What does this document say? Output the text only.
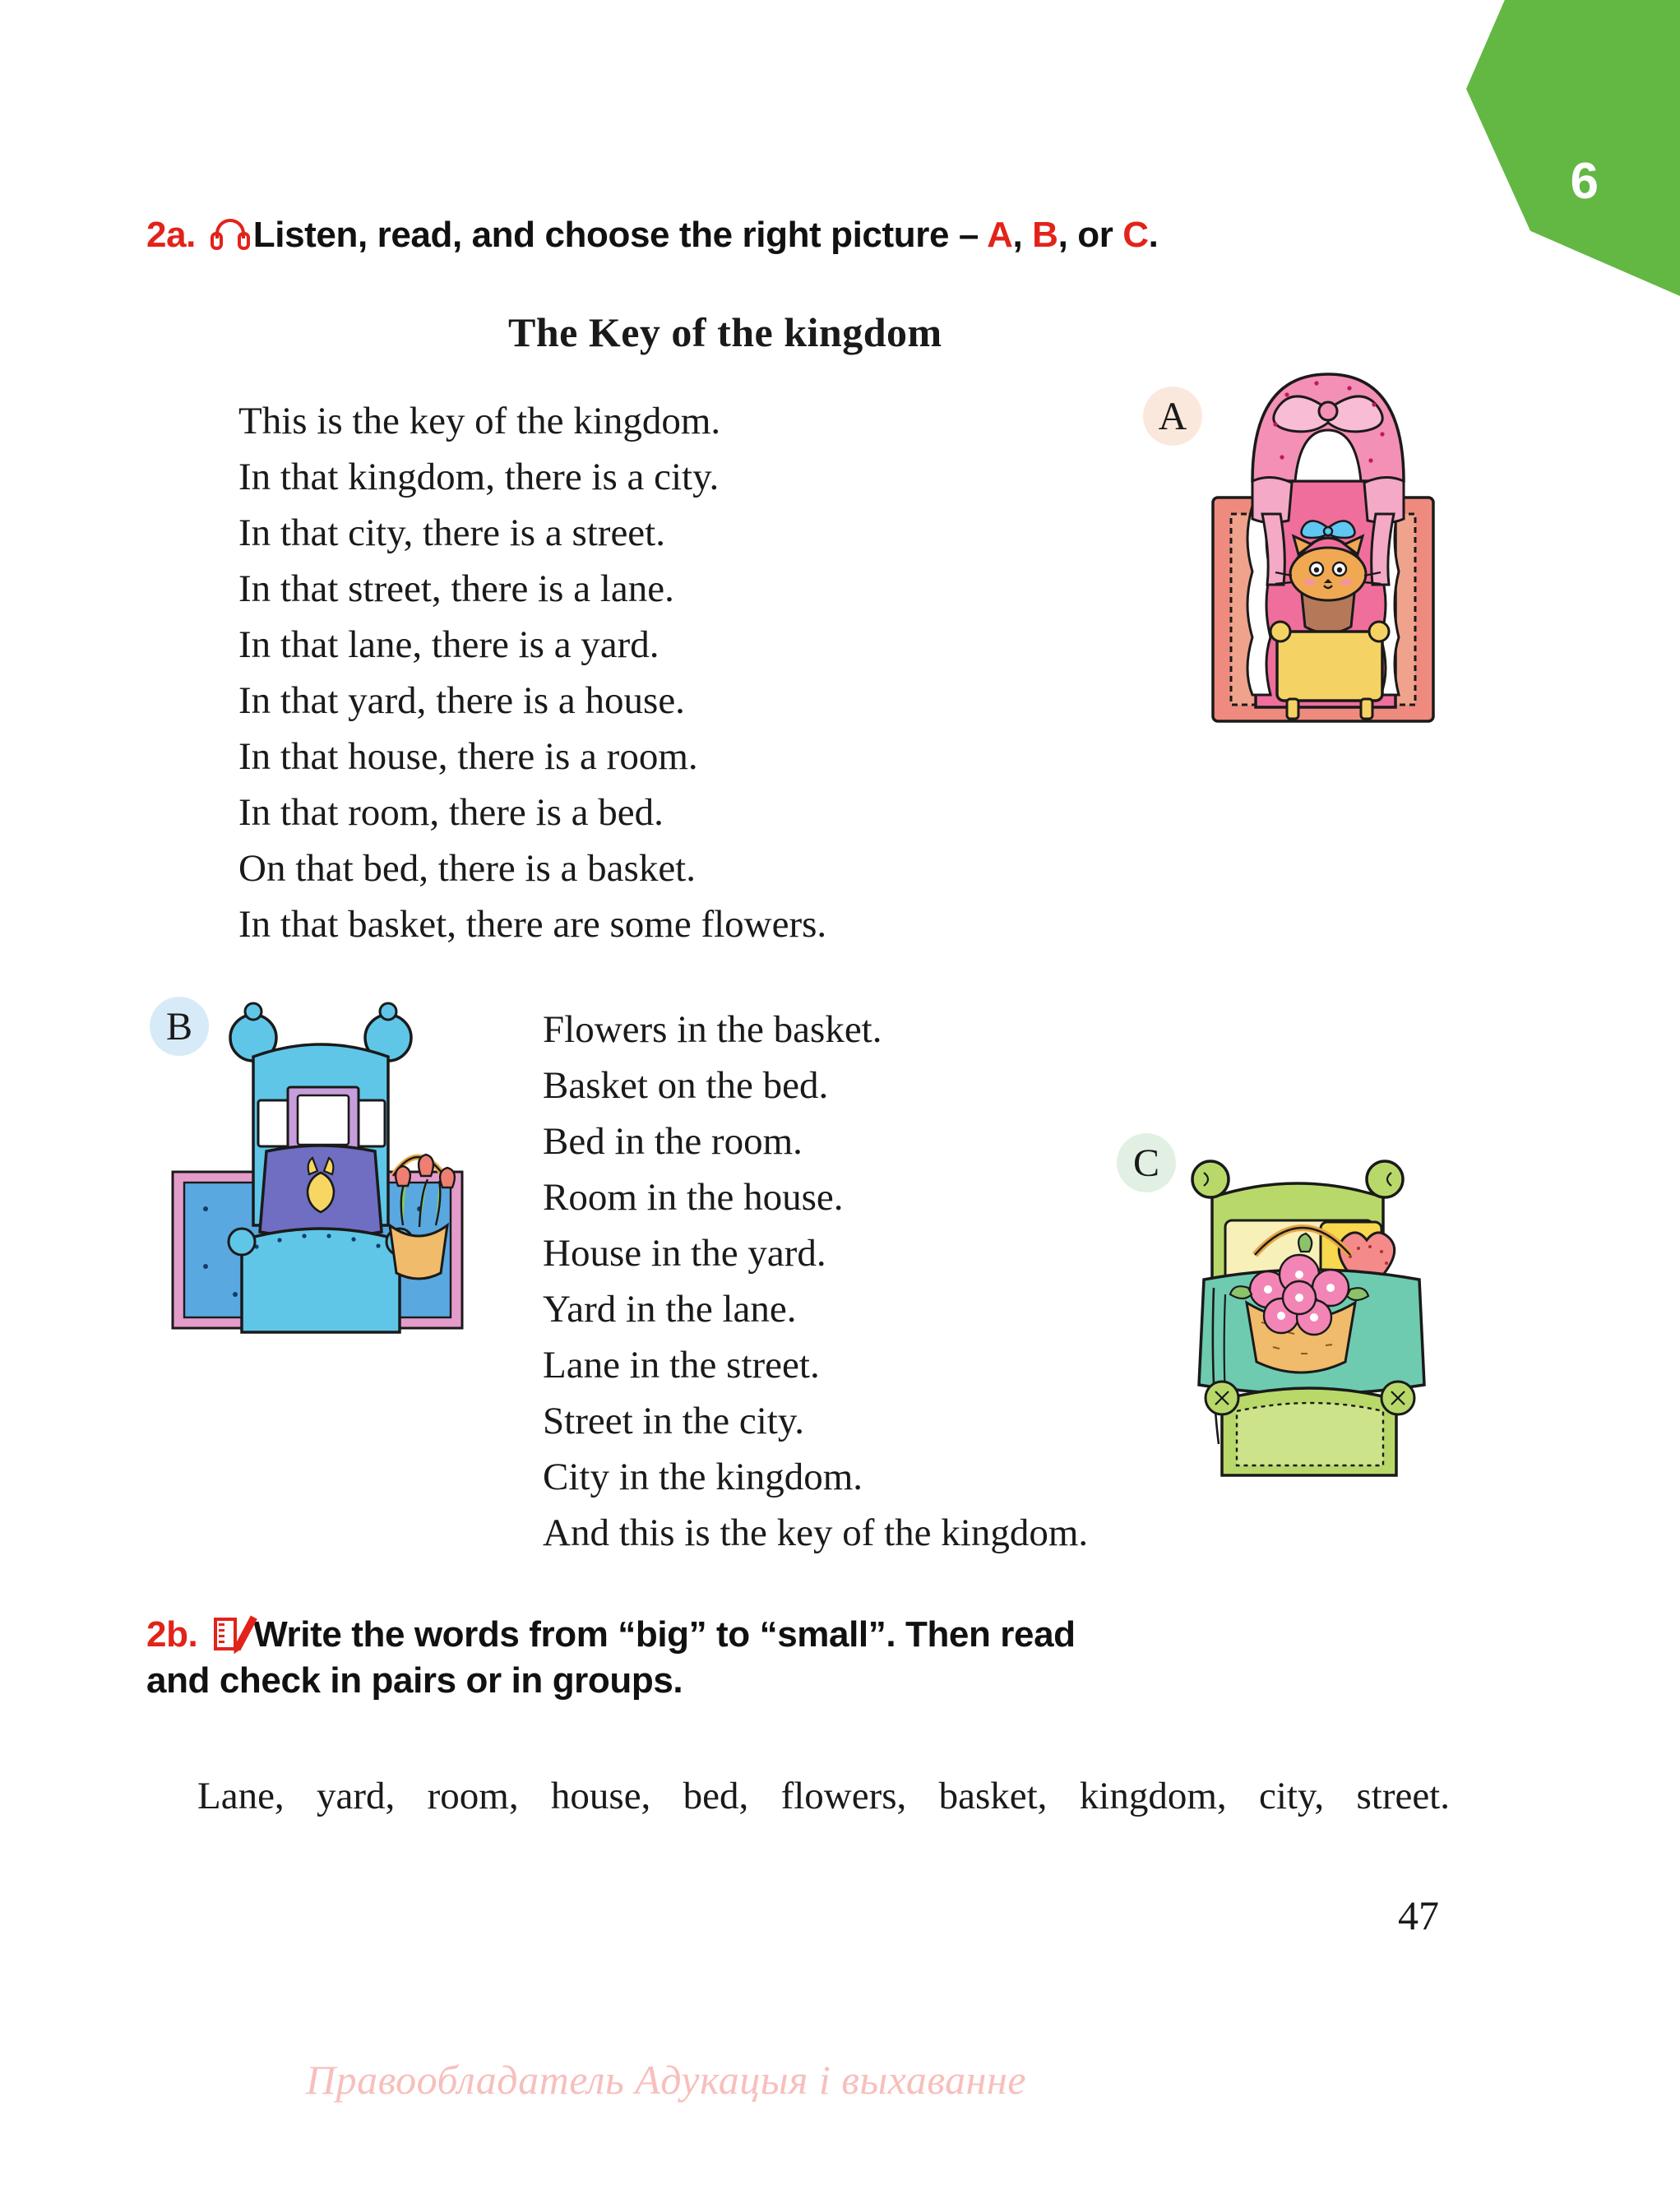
6
2a. Listen, read, and choose the right picture – A, B, or C.
The Key of the kingdom
This is the key of the kingdom.
In that kingdom, there is a city.
In that city, there is a street.
In that street, there is a lane.
In that lane, there is a yard.
In that yard, there is a house.
In that house, there is a room.
In that room, there is a bed.
On that bed, there is a basket.
In that basket, there are some flowers.
Flowers in the basket.
Basket on the bed.
Bed in the room.
Room in the house.
House in the yard.
Yard in the lane.
Lane in the street.
Street in the city.
City in the kingdom.
And this is the key of the kingdom.
A
B
C
2b. Write the words from “big” to “small”. Then read
and check in pairs or in groups.
Lane, yard, room, house, bed, flowers, basket, kingdom, city, street.
47
Правообладатель Адукацыя i выхаванне
